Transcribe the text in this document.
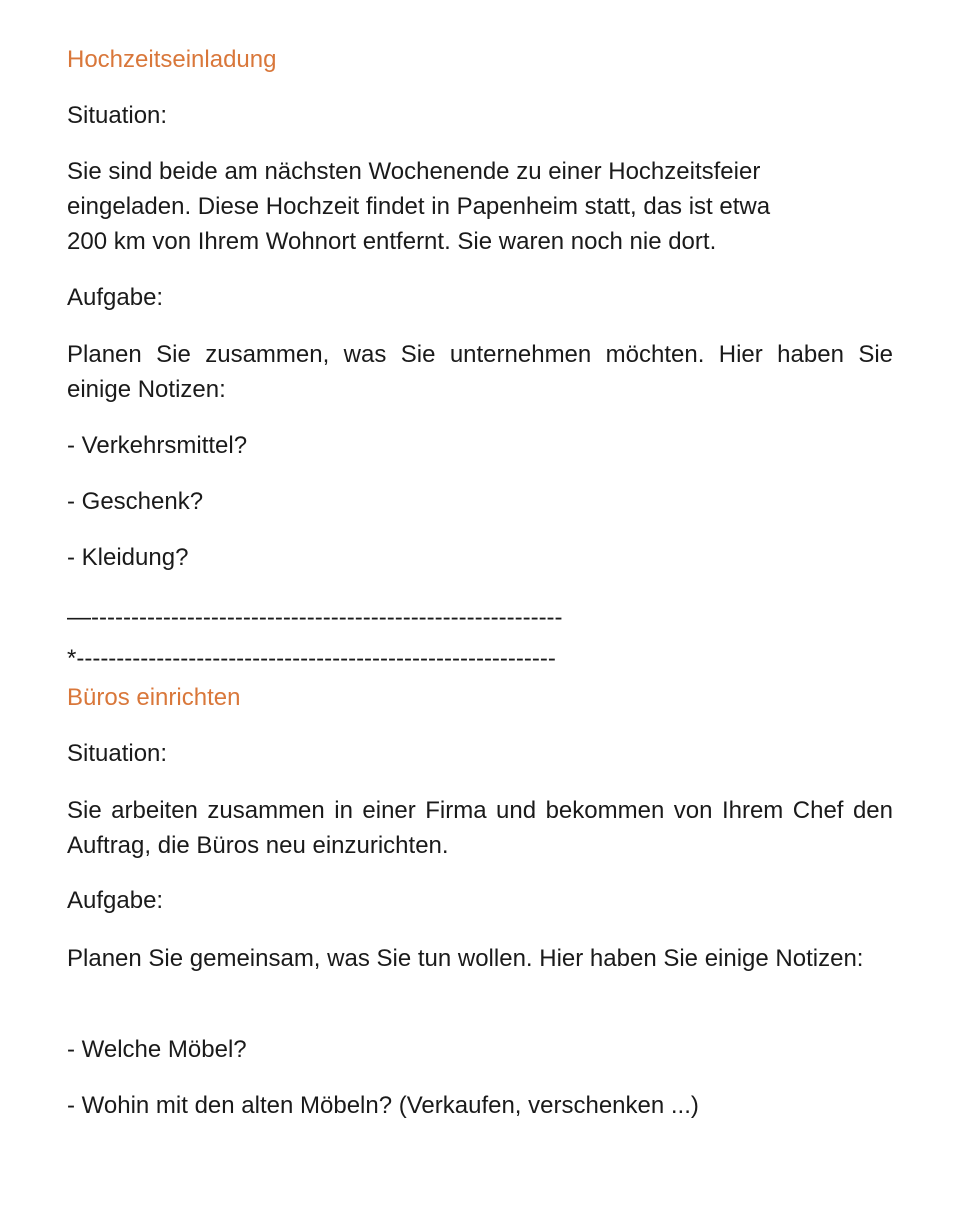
Hochzeitseinladung
Situation:
Sie sind beide am nächsten Wochenende zu einer Hochzeitsfeier
eingeladen. Diese Hochzeit findet in Papenheim statt, das ist etwa
200 km von Ihrem Wohnort entfernt. Sie waren noch nie dort.
Aufgabe:
Planen Sie zusammen, was Sie unternehmen möchten. Hier haben Sie einige Notizen:
- Verkehrsmittel?
- Geschenk?
- Kleidung?
—-----------------------------------------------------------
*------------------------------------------------------------
Büros einrichten
Situation:
Sie arbeiten zusammen in einer Firma und bekommen von Ihrem Chef den Auftrag, die Büros neu einzurichten.
Aufgabe:
Planen Sie gemeinsam, was Sie tun wollen. Hier haben Sie einige Notizen:
- Welche Möbel?
- Wohin mit den alten Möbeln? (Verkaufen, verschenken ...)
